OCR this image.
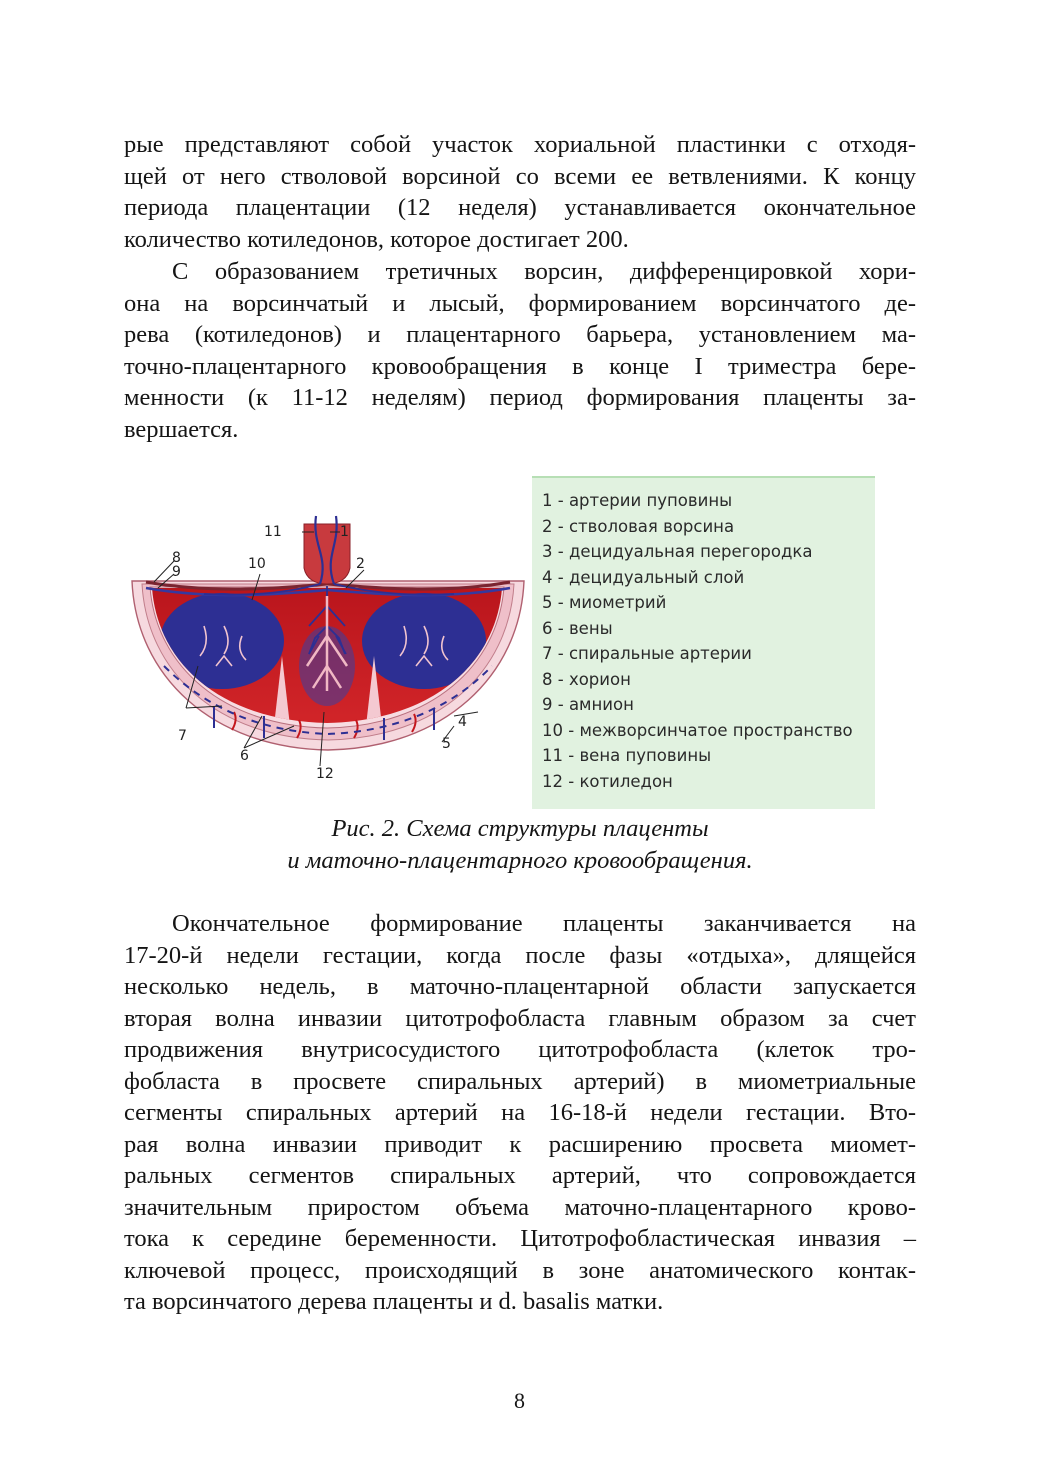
рые представляют собой участок хориальной пластинки с отходя-
щей от него стволовой ворсиной со всеми ее ветвлениями. К концу
периода плацентации (12 неделя) устанавливается окончательное
количество котиледонов, которое достигает 200.

С образованием третичных ворсин, дифференцировкой хори-
она на ворсинчатый и лысый, формированием ворсинчатого де-
рева (котиледонов) и плацентарного барьера, установлением ма-
точно-плацентарного кровообращения в конце I триместра бере-
менности (к 11-12 неделям) период формирования плаценты за-
вершается.

8
9	10
11	1
2
7
6
12
4
5
1 - артерии пуповины
2 - стволовая ворсина
3 - децидуальная перегородка
4 - децидуальный слой
5 - миометрий
6 - вены
7 - спиральные артерии
8 - хорион
9 - амнион
10 - межворсинчатое пространство
11 - вена пуповины
12 - котиледон

Рис. 2. Схема структуры плаценты

и маточно-плацентарного кровообращения.

Окончательное формирование плаценты заканчивается на
17-20-й недели гестации, когда после фазы «отдыха», длящейся
несколько недель, в маточно-плацентарной области запускается
вторая волна инвазии цитотрофобласта главным образом за счет
продвижения внутрисосудистого цитотрофобласта (клеток тро-
фобласта в просвете спиральных артерий) в миометриальные
сегменты спиральных артерий на 16-18-й недели гестации. Вто-
рая волна инвазии приводит к расширению просвета миомет-
ральных сегментов спиральных артерий, что сопровождается
значительным приростом объема маточно-плацентарного крово-
тока к середине беременности. Цитотрофобластическая инвазия –
ключевой процесс, происходящий в зоне анатомического контак-
та ворсинчатого дерева плаценты и d. basalis матки.

8
